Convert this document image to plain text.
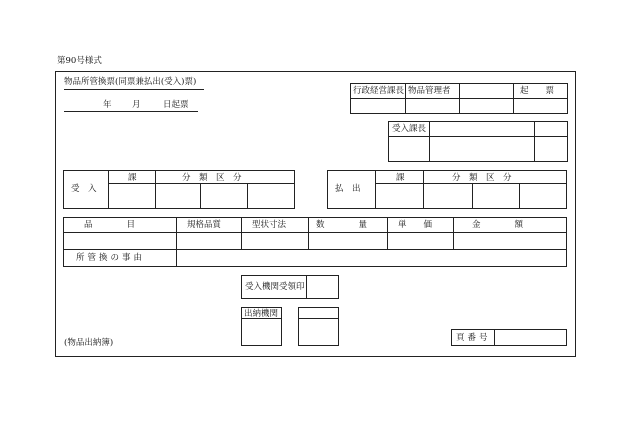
第90号様式
物品所管換票(同票兼払出(受入)票)
年 月	日起票
行政経営課長 物品管理者	起　　票
受入課長
受　入
課	分　類　区　分
払　出
課	分　類　区　分
品　　　　目	規格品質	型状寸法	数　　　　量	単　　価	金　　　　額
所管換の事由
受入機関受領印
出納機関
頁番号
(物品出納簿)
